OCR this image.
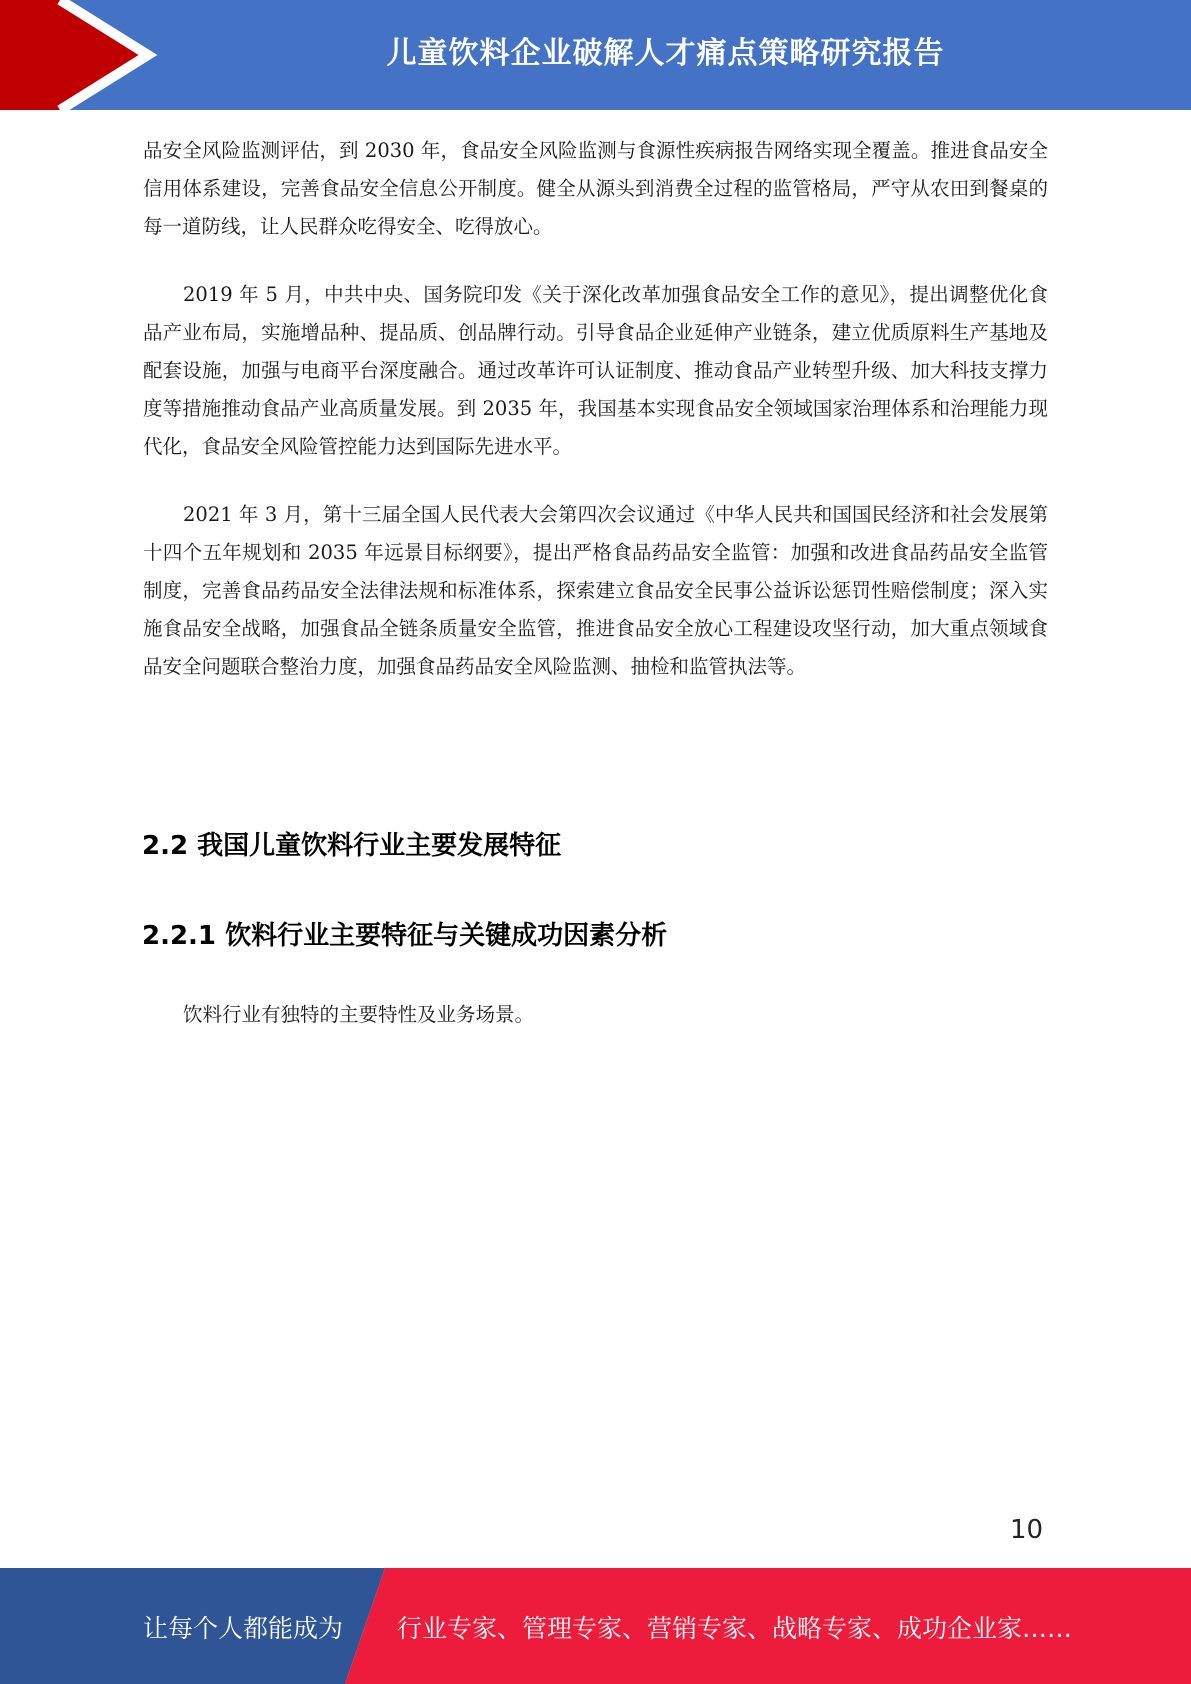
儿童饮料企业破解人才痛点策略研究报告

品安全风险监测评估，到 2030 年，食品安全风险监测与食源性疾病报告网络实现全覆盖。推进食品安全信用体系建设，完善食品安全信息公开制度。健全从源头到消费全过程的监管格局，严守从农田到餐桌的每一道防线，让人民群众吃得安全、吃得放心。

2019 年 5 月，中共中央、国务院印发《关于深化改革加强食品安全工作的意见》，提出调整优化食品产业布局，实施增品种、提品质、创品牌行动。引导食品企业延伸产业链条，建立优质原料生产基地及配套设施，加强与电商平台深度融合。通过改革许可认证制度、推动食品产业转型升级、加大科技支撑力度等措施推动食品产业高质量发展。到 2035 年，我国基本实现食品安全领域国家治理体系和治理能力现代化，食品安全风险管控能力达到国际先进水平。

2021 年 3 月，第十三届全国人民代表大会第四次会议通过《中华人民共和国国民经济和社会发展第十四个五年规划和 2035 年远景目标纲要》，提出严格食品药品安全监管：加强和改进食品药品安全监管制度，完善食品药品安全法律法规和标准体系，探索建立食品安全民事公益诉讼惩罚性赔偿制度；深入实施食品安全战略，加强食品全链条质量安全监管，推进食品安全放心工程建设攻坚行动，加大重点领域食品安全问题联合整治力度，加强食品药品安全风险监测、抽检和监管执法等。

2.2 我国儿童饮料行业主要发展特征
2.2.1 饮料行业主要特征与关键成功因素分析

饮料行业有独特的主要特性及业务场景。

10
让每个人都能成为 行业专家、管理专家、营销专家、战略专家、成功企业家……
